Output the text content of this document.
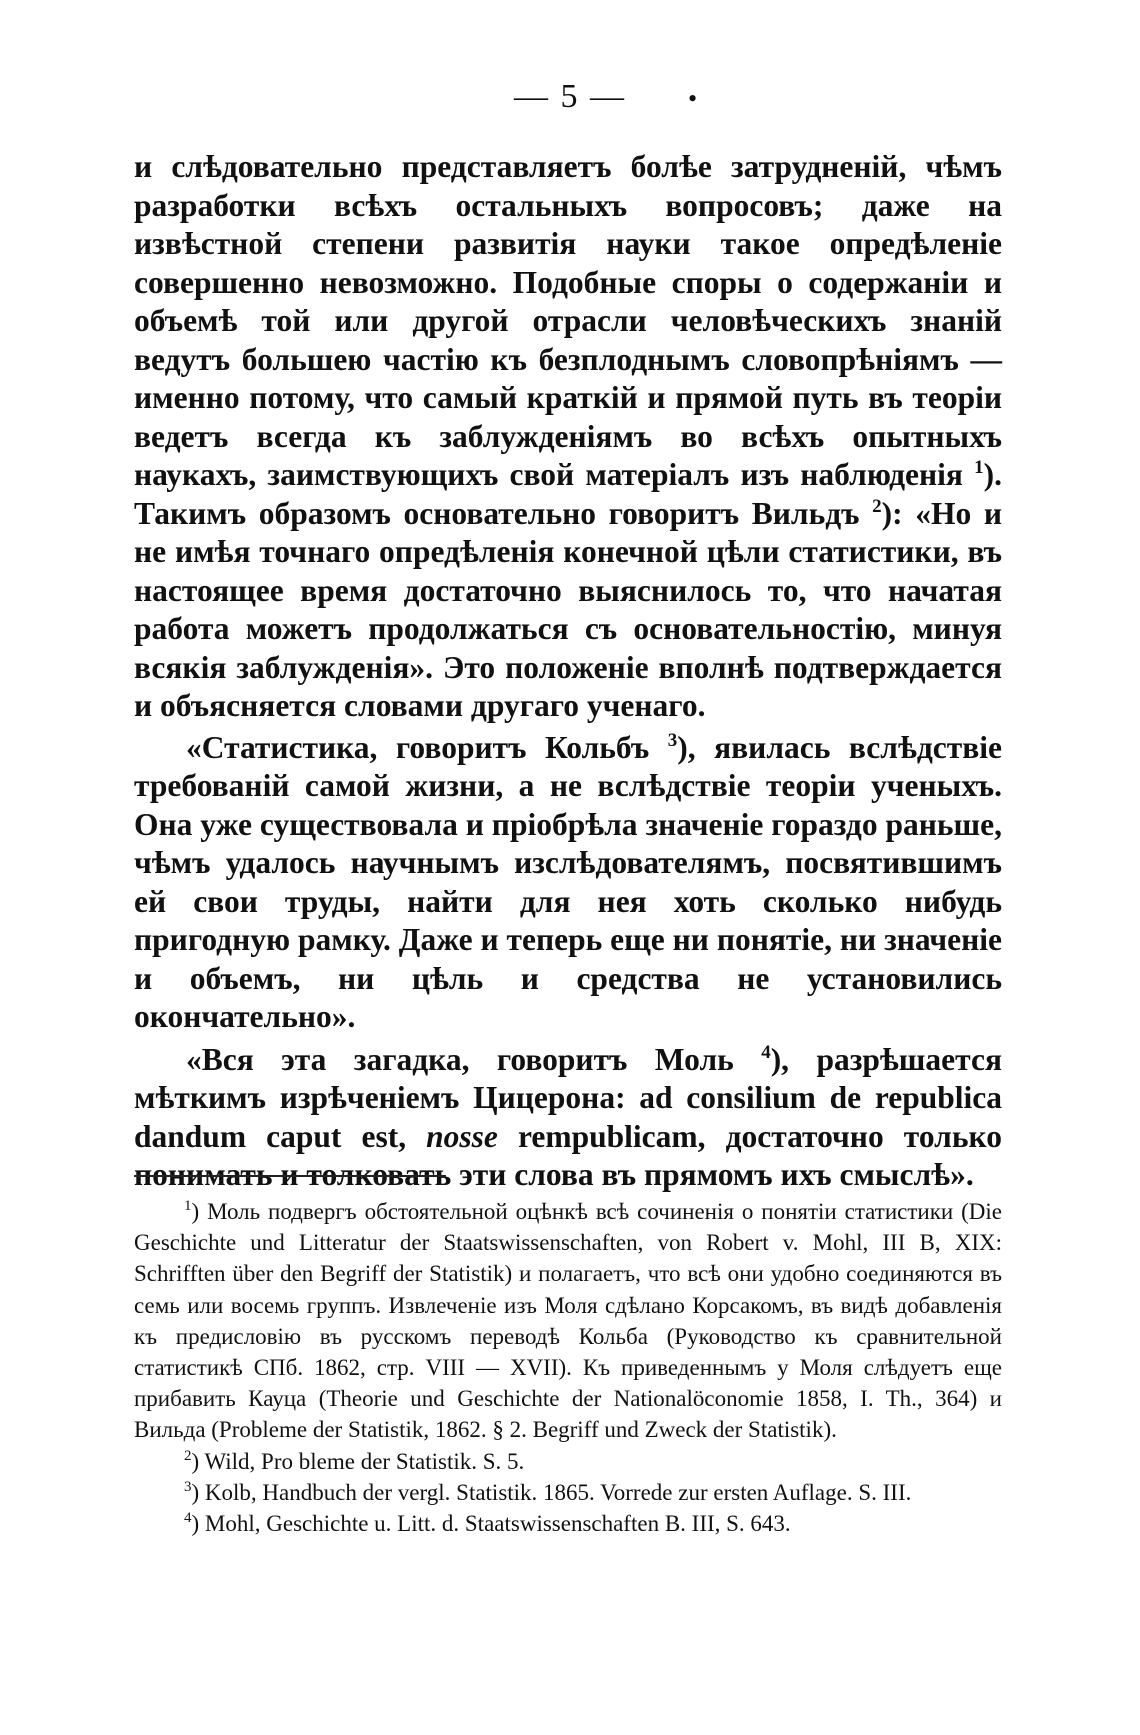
— 5 —	•

и слѣдовательно представляетъ болѣе затрудненій, чѣмъ разработки всѣхъ остальныхъ вопросовъ; даже на извѣстной степени развитія науки такое опредѣленіе совершенно невозможно. Подобные споры о содержаніи и объемѣ той или другой отрасли человѣческихъ знаній ведутъ большею частію къ безплоднымъ словопрѣніямъ — именно потому, что самый краткій и прямой путь въ теоріи ведетъ всегда къ заблужденіямъ во всѣхъ опытныхъ наукахъ, заимствующихъ свой матеріалъ изъ наблюденія $^1$). Такимъ образомъ основательно говоритъ Вильдъ $^2$): «Но и не имѣя точнаго опредѣленія конечной цѣли статистики, въ настоящее время достаточно выяснилось то, что начатая работа можетъ продолжаться съ основательностію, минуя всякія заблужденія». Это положеніе вполнѣ подтверждается и объясняется словами другаго ученаго.

«Статистика, говоритъ Кольбъ $^3$), явилась вслѣдствіе требованій самой жизни, а не вслѣдствіе теоріи ученыхъ. Она уже существовала и пріобрѣла значеніе гораздо раньше, чѣмъ удалось научнымъ изслѣдователямъ, посвятившимъ ей свои труды, найти для нея хоть сколько нибудь пригодную рамку. Даже и теперь еще ни понятіе, ни значеніе и объемъ, ни цѣль и средства не установились окончательно».

«Вся эта загадка, говоритъ Моль $^4$), разрѣшается мѣткимъ изрѣченіемъ Цицерона: ad consilium de republica dandum caput est, nosse rempublicam, достаточно только понимать и толковать эти слова въ прямомъ ихъ смыслѣ».

$^1$) Моль подвергъ обстоятельной оцѣнкѣ всѣ сочиненія о понятіи статистики (Die Geschichte und Litteratur der Staatswissenschaften, von Robert v. Mohl, III B, XIX: Schrifften über den Begriff der Statistik) и полагаетъ, что всѣ они удобно соединяются въ семь или восемь группъ. Извлеченіе изъ Моля сдѣлано Корсакомъ, въ видѣ добавленія къ предисловію въ русскомъ переводѣ Кольба (Руководство къ сравнительной статистикѣ СПб. 1862, стр. VIII — XVII). Къ приведеннымъ у Моля слѣдуетъ еще прибавить Кауца (Theorie und Geschichte der Nationalöconomie 1858, I. Th., 364) и Вильда (Probleme der Statistik, 1862. § 2. Begriff und Zweck der Statistik).

$^2$) Wild, Pro bleme der Statistik. S. 5.

$^3$) Kolb, Handbuch der vergl. Statistik. 1865. Vorrede zur ersten Auflage. S. III.

$^4$) Mohl, Geschichte u. Litt. d. Staatswissenschaften B. III, S. 643.
